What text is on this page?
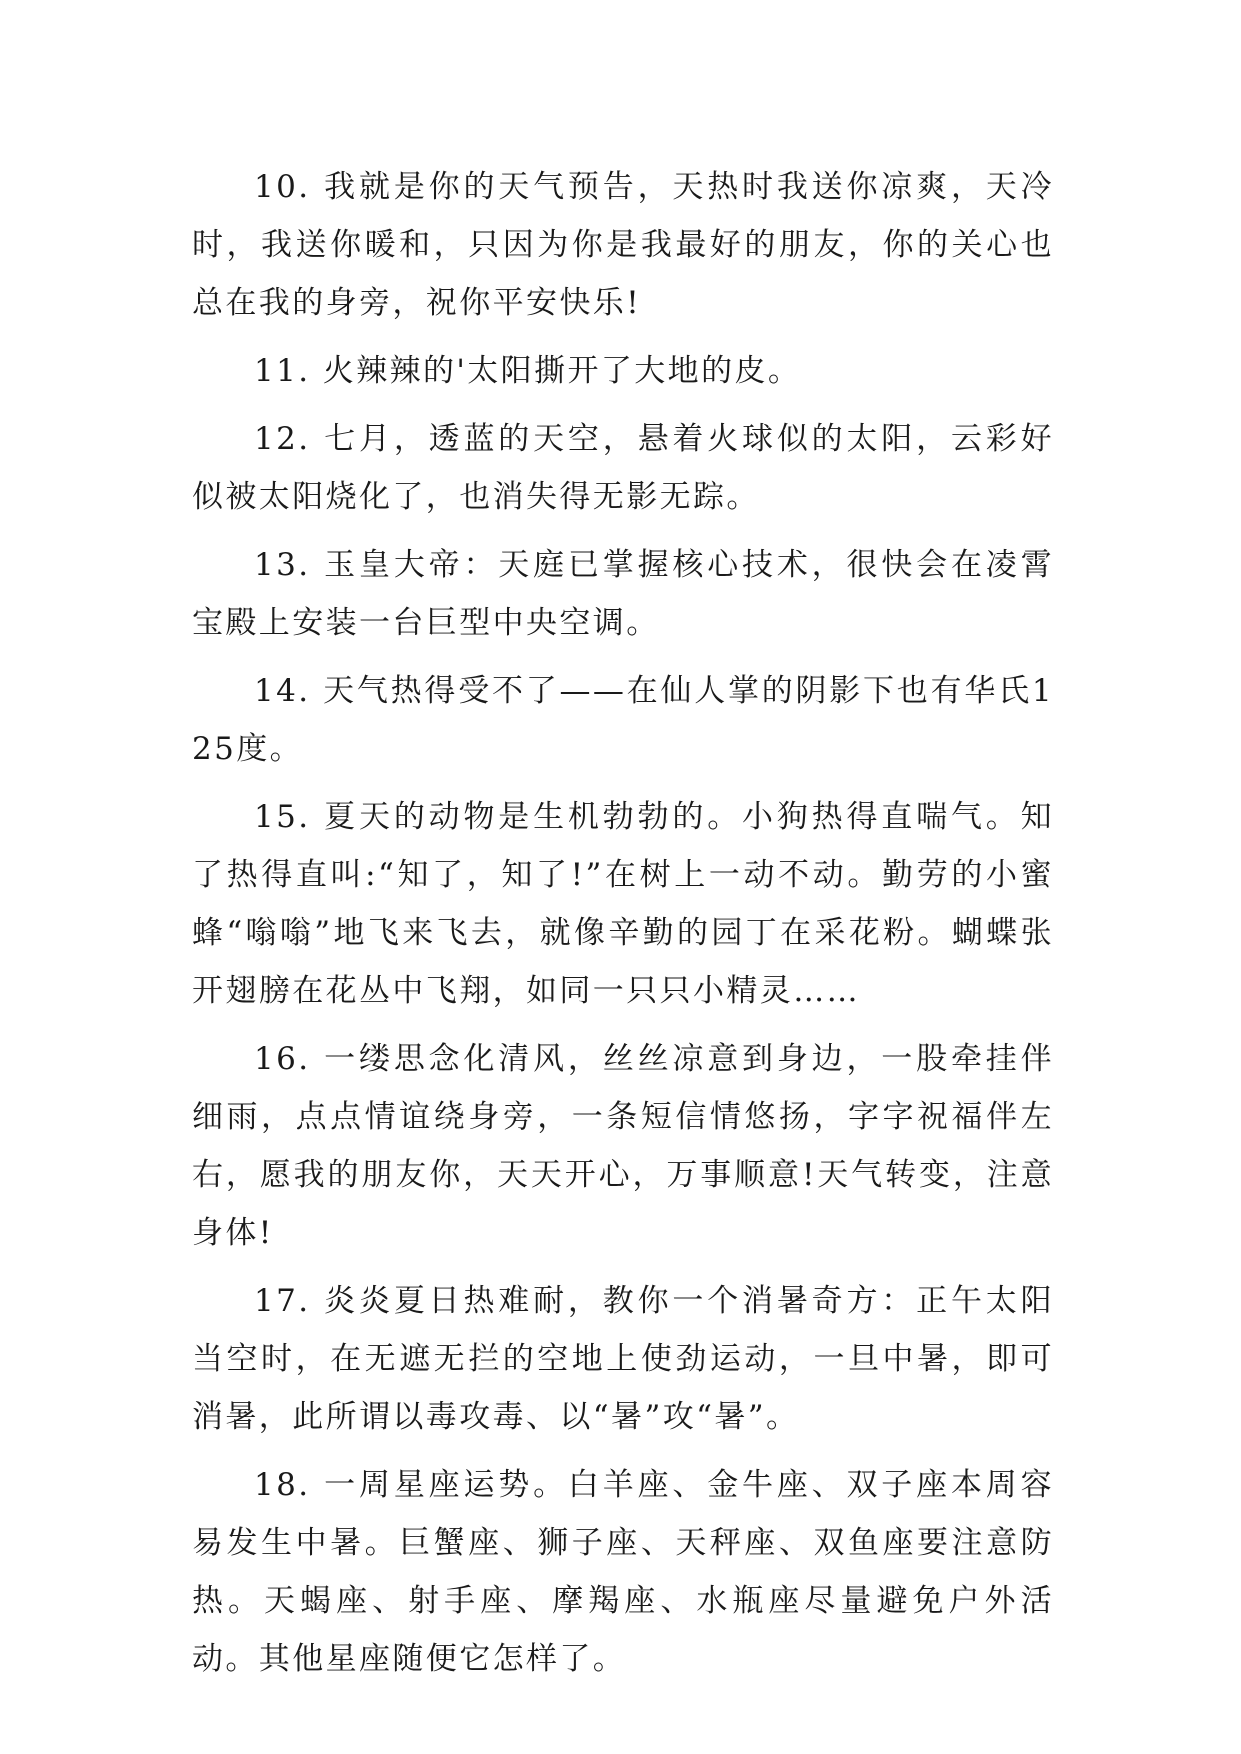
10. 我就是你的天气预告，天热时我送你凉爽，天冷时，我送你暖和，只因为你是我最好的朋友，你的关心也总在我的身旁，祝你平安快乐!

11. 火辣辣的'太阳撕开了大地的皮。

12. 七月，透蓝的天空，悬着火球似的太阳，云彩好似被太阳烧化了，也消失得无影无踪。

13. 玉皇大帝：天庭已掌握核心技术，很快会在凌霄宝殿上安装一台巨型中央空调。

14. 天气热得受不了——在仙人掌的阴影下也有华氏125度。

15. 夏天的动物是生机勃勃的。小狗热得直喘气。知了热得直叫:“知了，知了!”在树上一动不动。勤劳的小蜜蜂“嗡嗡”地飞来飞去，就像辛勤的园丁在采花粉。蝴蝶张开翅膀在花丛中飞翔，如同一只只小精灵……

16. 一缕思念化清风，丝丝凉意到身边，一股牵挂伴细雨，点点情谊绕身旁，一条短信情悠扬，字字祝福伴左右，愿我的朋友你，天天开心，万事顺意!天气转变，注意身体!

17. 炎炎夏日热难耐，教你一个消暑奇方：正午太阳当空时，在无遮无拦的空地上使劲运动，一旦中暑，即可消暑，此所谓以毒攻毒、以“暑”攻“暑”。

18. 一周星座运势。白羊座、金牛座、双子座本周容易发生中暑。巨蟹座、狮子座、天秤座、双鱼座要注意防热。天蝎座、射手座、摩羯座、水瓶座尽量避免户外活动。其他星座随便它怎样了。
